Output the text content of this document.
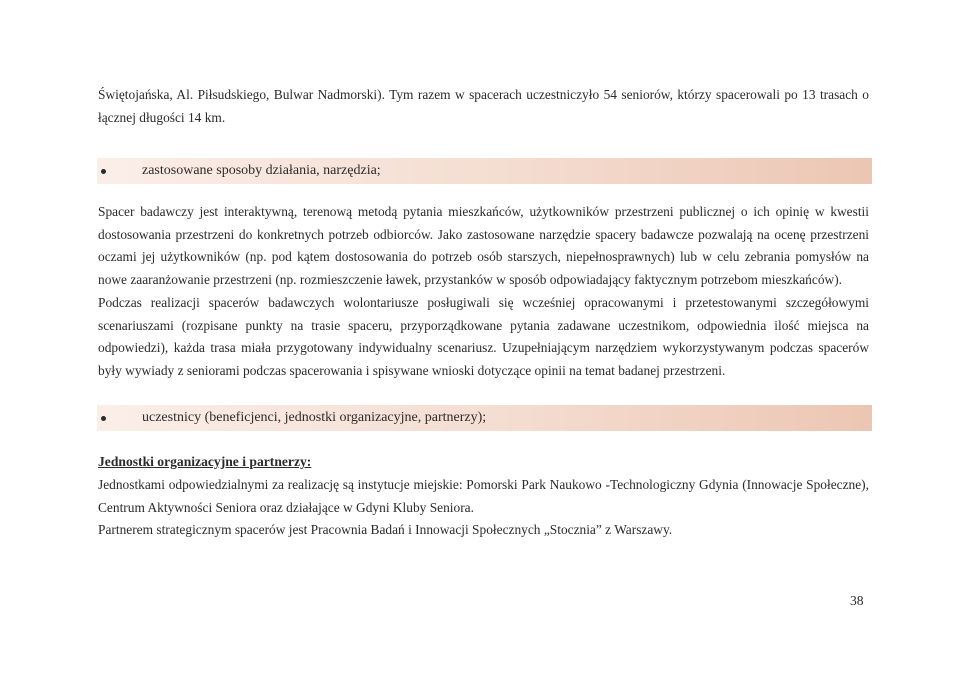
Świętojańska, Al. Piłsudskiego, Bulwar Nadmorski). Tym razem w spacerach uczestniczyło 54 seniorów, którzy spacerowali po 13 trasach o łącznej długości 14 km.
zastosowane sposoby działania, narzędzia;
Spacer badawczy jest interaktywną, terenową metodą pytania mieszkańców, użytkowników przestrzeni publicznej o ich opinię w kwestii dostosowania przestrzeni do konkretnych potrzeb odbiorców. Jako zastosowane narzędzie spacery badawcze pozwalają na ocenę przestrzeni oczami jej użytkowników (np. pod kątem dostosowania do potrzeb osób starszych, niepełnosprawnych) lub w celu zebrania pomysłów na nowe zaaranżowanie przestrzeni (np. rozmieszczenie ławek, przystanków w sposób odpowiadający faktycznym potrzebom mieszkańców).
Podczas realizacji spacerów badawczych wolontariusze posługiwali się wcześniej opracowanymi i przetestowanymi szczegółowymi scenariuszami (rozpisane punkty na trasie spaceru, przyporządkowane pytania zadawane uczestnikom, odpowiednia ilość miejsca na odpowiedzi), każda trasa miała przygotowany indywidualny scenariusz. Uzupełniającym narzędziem wykorzystywanym podczas spacerów były wywiady z seniorami podczas spacerowania i spisywane wnioski dotyczące opinii na temat badanej przestrzeni.
uczestnicy (beneficjenci, jednostki organizacyjne, partnerzy);
Jednostki organizacyjne i partnerzy:
Jednostkami odpowiedzialnymi za realizację są instytucje miejskie: Pomorski Park Naukowo -Technologiczny Gdynia (Innowacje Społeczne), Centrum Aktywności Seniora oraz działające w Gdyni Kluby Seniora.
Partnerem strategicznym spacerów jest Pracownia Badań i Innowacji Społecznych „Stocznia” z Warszawy.
38
